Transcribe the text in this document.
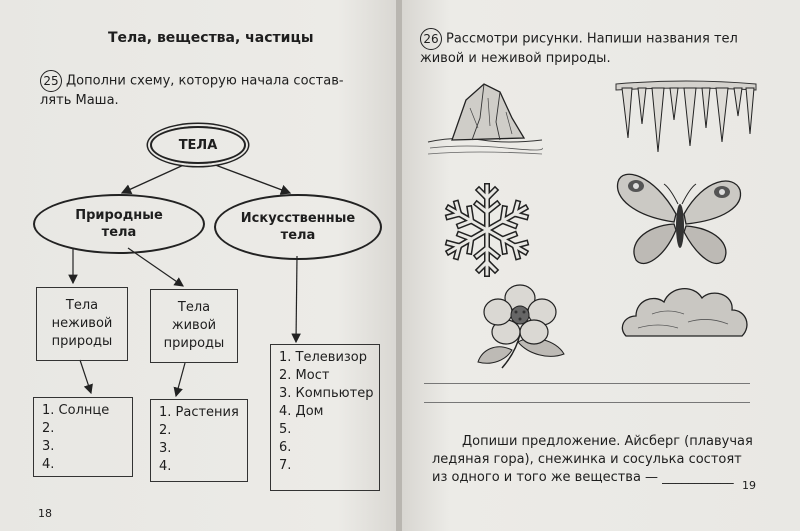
Тела, вещества, частицы
25 Дополни схему, которую начала состав-
лять Маша.
ТЕЛА
Природные
тела
Искусственные
тела
Тела
неживой
природы
Тела
живой
природы
1. Телевизор
2. Мост
3. Компьютер
4. Дом
5.
6.
7.
1. Солнце
2.
3.
4.
1. Растения
2.
3.
4.
18
26 Рассмотри рисунки. Напиши названия тел
живой и неживой природы.
Допиши предложение. Айсберг (плавучая
ледяная гора), снежинка и сосулька состоят
из одного и того же вещества — ___________
19
